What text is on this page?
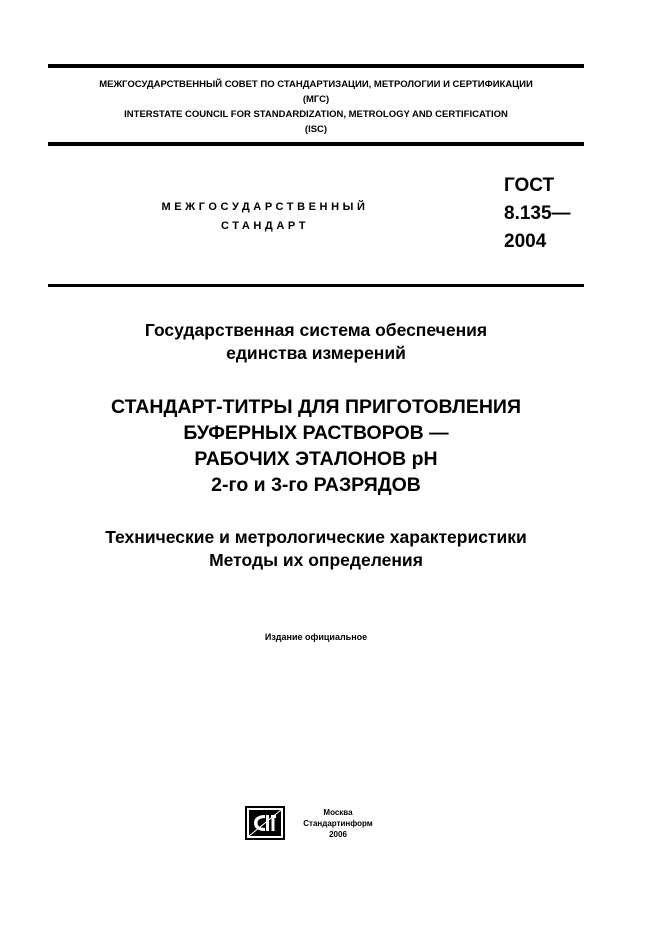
МЕЖГОСУДАРСТВЕННЫЙ СОВЕТ ПО СТАНДАРТИЗАЦИИ, МЕТРОЛОГИИ И СЕРТИФИКАЦИИ
(МГС)
INTERSTATE COUNCIL FOR STANDARDIZATION, METROLOGY AND CERTIFICATION
(ISC)
МЕЖГОСУДАРСТВЕННЫЙ
СТАНДАРТ
ГОСТ
8.135—
2004
Государственная система обеспечения
единства измерений
СТАНДАРТ-ТИТРЫ ДЛЯ ПРИГОТОВЛЕНИЯ
БУФЕРНЫХ РАСТВОРОВ —
РАБОЧИХ ЭТАЛОНОВ pH
2-го и 3-го РАЗРЯДОВ
Технические и метрологические характеристики
Методы их определения
Издание официальное
Москва
Стандартинформ
2006
